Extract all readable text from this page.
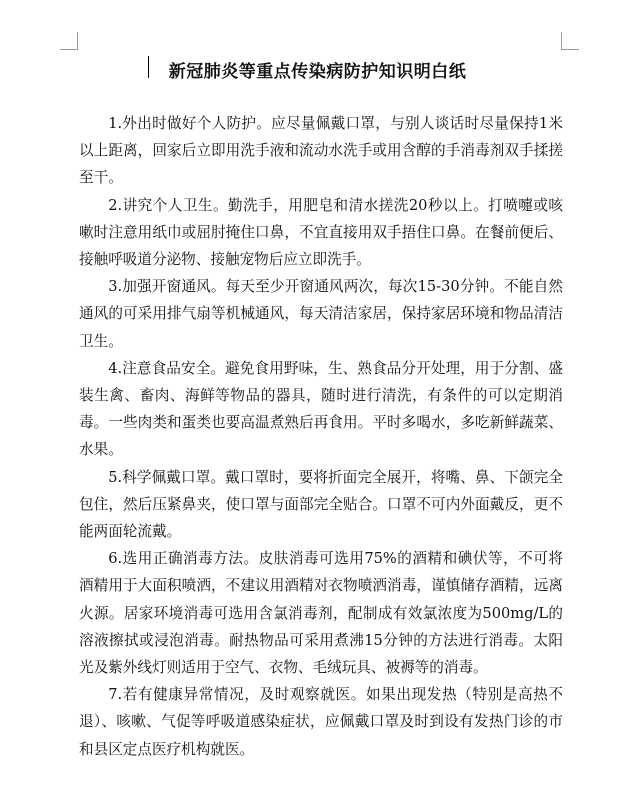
新冠肺炎等重点传染病防护知识明白纸

1.外出时做好个人防护。应尽量佩戴口罩，与别人谈话时尽量保持1米以上距离，回家后立即用洗手液和流动水洗手或用含醇的手消毒剂双手揉搓至干。

2.讲究个人卫生。勤洗手，用肥皂和清水搓洗20秒以上。打喷嚏或咳嗽时注意用纸巾或屈肘掩住口鼻，不宜直接用双手捂住口鼻。在餐前便后、接触呼吸道分泌物、接触宠物后应立即洗手。

3.加强开窗通风。每天至少开窗通风两次，每次15-30分钟。不能自然通风的可采用排气扇等机械通风，每天清洁家居，保持家居环境和物品清洁卫生。

4.注意食品安全。避免食用野味，生、熟食品分开处理，用于分割、盛装生禽、畜肉、海鲜等物品的器具，随时进行清洗，有条件的可以定期消毒。一些肉类和蛋类也要高温煮熟后再食用。平时多喝水，多吃新鲜蔬菜、水果。

5.科学佩戴口罩。戴口罩时，要将折面完全展开，将嘴、鼻、下颌完全包住，然后压紧鼻夹，使口罩与面部完全贴合。口罩不可内外面戴反，更不能两面轮流戴。

6.选用正确消毒方法。皮肤消毒可选用75%的酒精和碘伏等，不可将酒精用于大面积喷洒，不建议用酒精对衣物喷洒消毒，谨慎储存酒精，远离火源。居家环境消毒可选用含氯消毒剂，配制成有效氯浓度为500mg/L的溶液擦拭或浸泡消毒。耐热物品可采用煮沸15分钟的方法进行消毒。太阳光及紫外线灯则适用于空气、衣物、毛绒玩具、被褥等的消毒。

7.若有健康异常情况，及时观察就医。如果出现发热（特别是高热不退）、咳嗽、气促等呼吸道感染症状，应佩戴口罩及时到设有发热门诊的市和县区定点医疗机构就医。
